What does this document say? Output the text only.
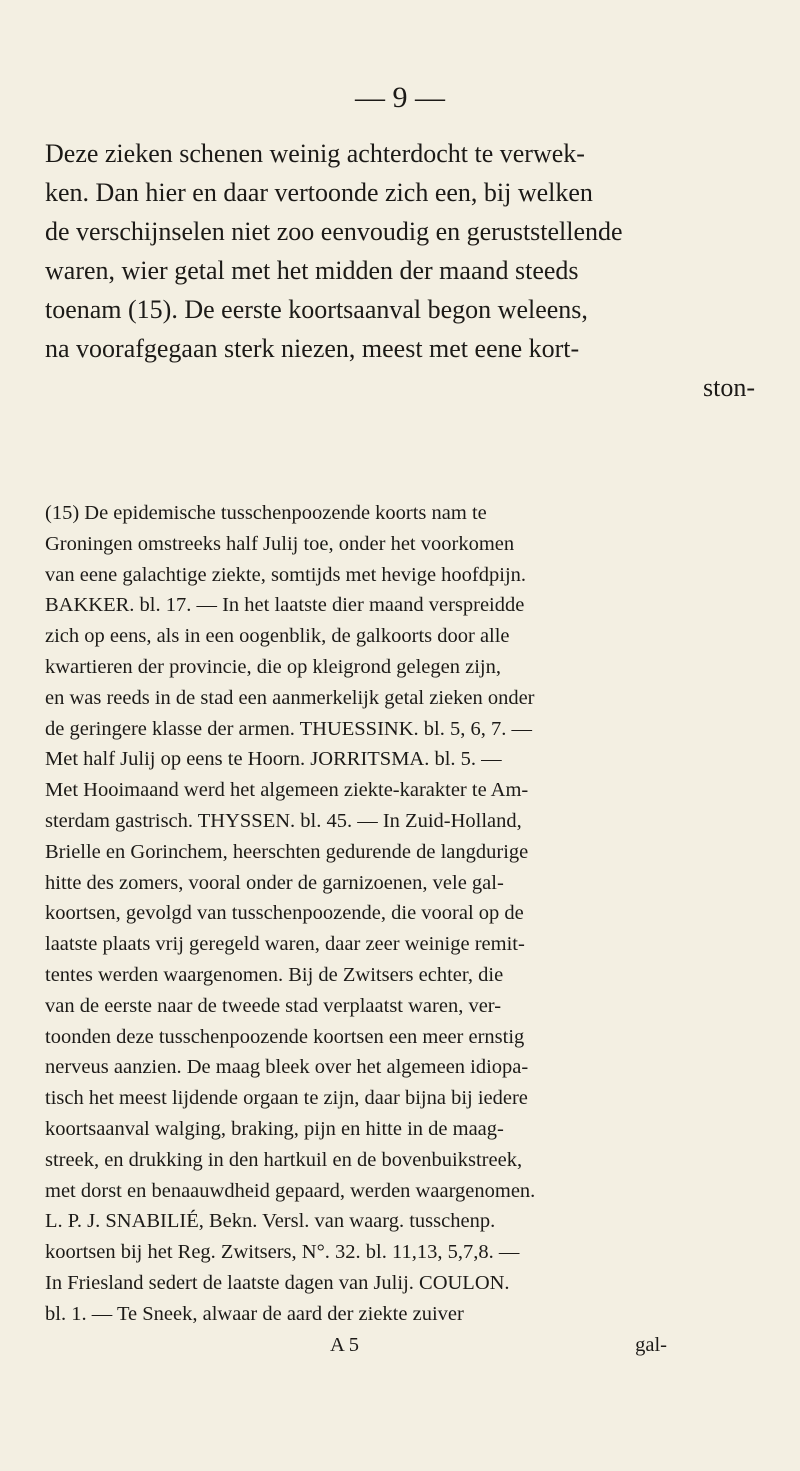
— 9 —
Deze zieken schenen weinig achterdocht te verwek-
ken. Dan hier en daar vertoonde zich een, bij welken
de verschijnselen niet zoo eenvoudig en geruststellende
waren, wier getal met het midden der maand steeds
toenam (15). De eerste koortsaanval begon weleens,
na voorafgegaan sterk niezen, meest met eene kort-
ston-
(15) De epidemische tusschenpoozende koorts nam te
Groningen omstreeks half Julij toe, onder het voorkomen
van eene galachtige ziekte, somtijds met hevige hoofdpijn.
BAKKER. bl. 17. — In het laatste dier maand verspreidde
zich op eens, als in een oogenblik, de galkoorts door alle
kwartieren der provincie, die op kleigrond gelegen zijn,
en was reeds in de stad een aanmerkelijk getal zieken onder
de geringere klasse der armen. THUESSINK. bl. 5, 6, 7. —
Met half Julij op eens te Hoorn. JORRITSMA. bl. 5. —
Met Hooimaand werd het algemeen ziekte-karakter te Am-
sterdam gastrisch. THYSSEN. bl. 45. — In Zuid-Holland,
Brielle en Gorinchem, heerschten gedurende de langdurige
hitte des zomers, vooral onder de garnizoenen, vele gal-
koortsen, gevolgd van tusschenpoozende, die vooral op de
laatste plaats vrij geregeld waren, daar zeer weinige remit-
tentes werden waargenomen. Bij de Zwitsers echter, die
van de eerste naar de tweede stad verplaatst waren, ver-
toonden deze tusschenpoozende koortsen een meer ernstig
nerveus aanzien. De maag bleek over het algemeen idiopa-
tisch het meest lijdende orgaan te zijn, daar bijna bij iedere
koortsaanval walging, braking, pijn en hitte in de maag-
streek, en drukking in den hartkuil en de bovenbuikstreek,
met dorst en benaauwdheid gepaard, werden waargenomen.
L. P. J. SNABILIÉ, Bekn. Versl. van waarg. tusschenp.
koortsen bij het Reg. Zwitsers, N°. 32. bl. 11,13, 5,7,8. —
In Friesland sedert de laatste dagen van Julij. COULON.
bl. 1. — Te Sneek, alwaar de aard der ziekte zuiver
A 5	gal-
